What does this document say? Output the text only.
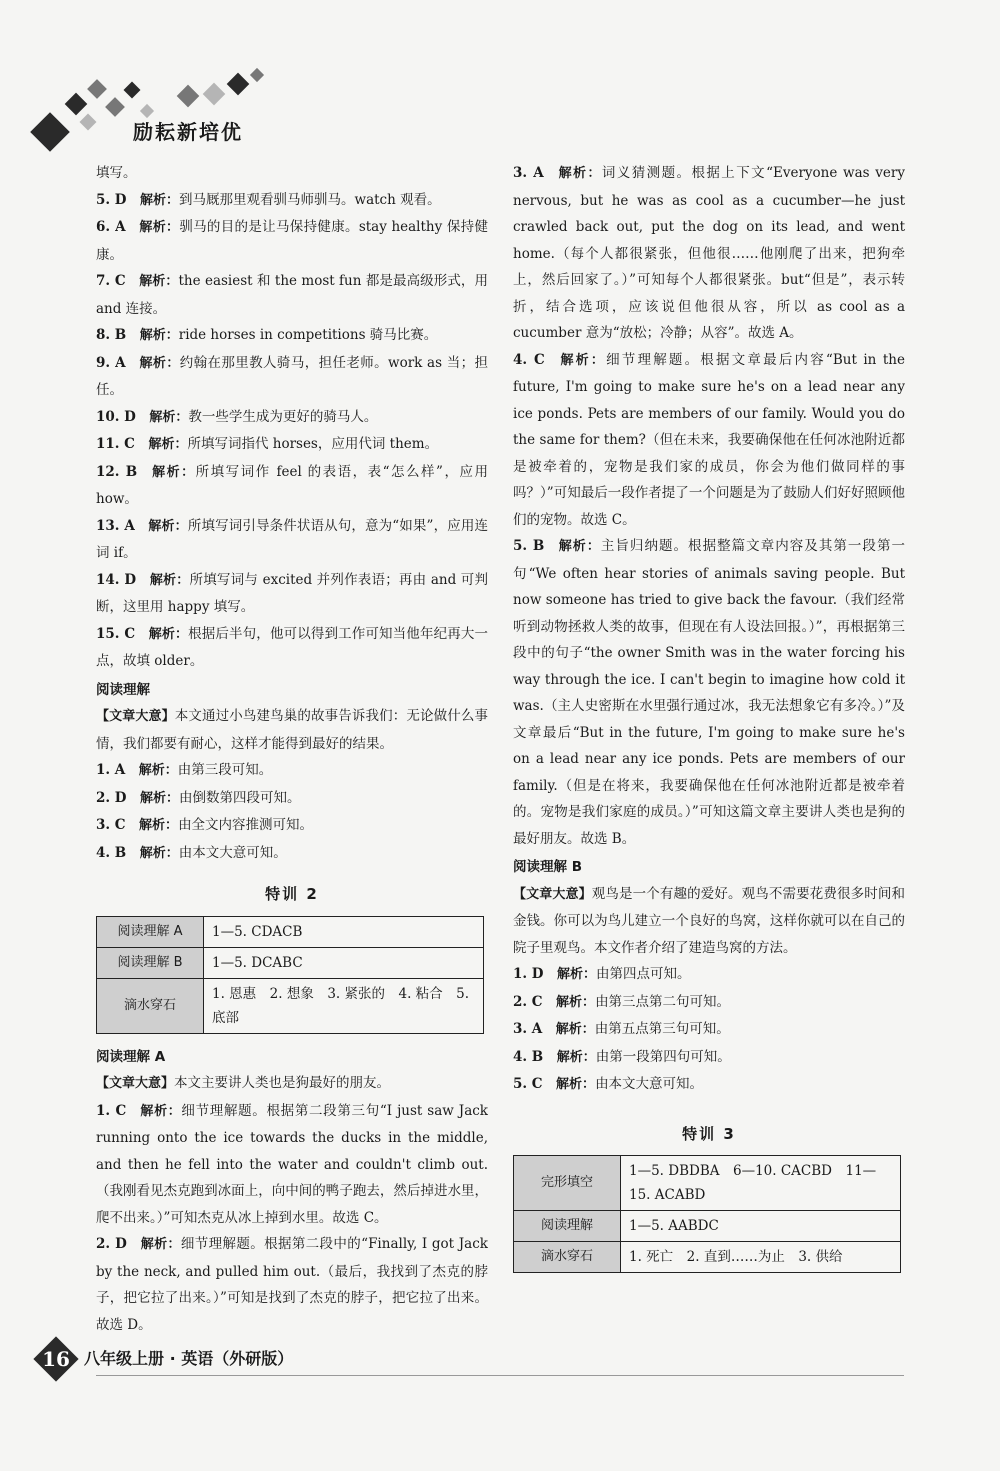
励耘新培优
填写。
5. D  解析：到马厩那里观看驯马师驯马。watch 观看。
6. A  解析：驯马的目的是让马保持健康。stay healthy 保持健康。
7. C  解析：the easiest 和 the most fun 都是最高级形式，用 and 连接。
8. B  解析：ride horses in competitions 骑马比赛。
9. A  解析：约翰在那里教人骑马，担任老师。work as 当；担任。
10. D  解析：教一些学生成为更好的骑马人。
11. C  解析：所填写词指代 horses，应用代词 them。
12. B  解析：所填写词作 feel 的表语，表“怎么样”，应用 how。
13. A  解析：所填写词引导条件状语从句，意为“如果”，应用连词 if。
14. D  解析：所填写词与 excited 并列作表语；再由 and 可判断，这里用 happy 填写。
15. C  解析：根据后半句，他可以得到工作可知当他年纪再大一点，故填 older。
阅读理解
【文章大意】本文通过小鸟建鸟巢的故事告诉我们：无论做什么事情，我们都要有耐心，这样才能得到最好的结果。
1. A  解析：由第三段可知。
2. D  解析：由倒数第四段可知。
3. C  解析：由全文内容推测可知。
4. B  解析：由本文大意可知。
特训 2
阅读理解 A	1—5. CDACB
阅读理解 B	1—5. DCABC
滴水穿石	1. 恩惠　2. 想象　3. 紧张的　4. 粘合　5. 底部
阅读理解 A
【文章大意】本文主要讲人类也是狗最好的朋友。
1. C  解析：细节理解题。根据第二段第三句“I just saw Jack running onto the ice towards the ducks in the middle, and then he fell into the water and couldn't climb out.（我刚看见杰克跑到冰面上，向中间的鸭子跑去，然后掉进水里，爬不出来。）”可知杰克从冰上掉到水里。故选 C。
2. D  解析：细节理解题。根据第二段中的“Finally, I got Jack by the neck, and pulled him out.（最后，我找到了杰克的脖子，把它拉了出来。）”可知是找到了杰克的脖子，把它拉了出来。故选 D。
3. A  解析：词义猜测题。根据上下文“Everyone was very nervous, but he was as cool as a cucumber—he just crawled back out, put the dog on its lead, and went home.（每个人都很紧张，但他很……他刚爬了出来，把狗牵上，然后回家了。）”可知每个人都很紧张。but“但是”，表示转折，结合选项，应该说但他很从容，所以 as cool as a cucumber 意为“放松；冷静；从容”。故选 A。
4. C  解析：细节理解题。根据文章最后内容“But in the future, I'm going to make sure he's on a lead near any ice ponds. Pets are members of our family. Would you do the same for them?（但在未来，我要确保他在任何冰池附近都是被牵着的，宠物是我们家的成员，你会为他们做同样的事吗？）”可知最后一段作者提了一个问题是为了鼓励人们好好照顾他们的宠物。故选 C。
5. B  解析：主旨归纳题。根据整篇文章内容及其第一段第一句“We often hear stories of animals saving people. But now someone has tried to give back the favour.（我们经常听到动物拯救人类的故事，但现在有人设法回报。）”，再根据第三段中的句子“the owner Smith was in the water forcing his way through the ice. I can't begin to imagine how cold it was.（主人史密斯在水里强行通过冰，我无法想象它有多冷。）”及文章最后“But in the future, I'm going to make sure he's on a lead near any ice ponds. Pets are members of our family.（但是在将来，我要确保他在任何冰池附近都是被牵着的。宠物是我们家庭的成员。）”可知这篇文章主要讲人类也是狗的最好朋友。故选 B。
阅读理解 B
【文章大意】观鸟是一个有趣的爱好。观鸟不需要花费很多时间和金钱。你可以为鸟儿建立一个良好的鸟窝，这样你就可以在自己的院子里观鸟。本文作者介绍了建造鸟窝的方法。
1. D  解析：由第四点可知。
2. C  解析：由第三点第二句可知。
3. A  解析：由第五点第三句可知。
4. B  解析：由第一段第四句可知。
5. C  解析：由本文大意可知。
特训 3
完形填空	1—5. DBDBA　6—10. CACBD　11—15. ACABD
阅读理解	1—5. AABDC
滴水穿石	1. 死亡　2. 直到……为止　3. 供给
16 八年级上册 · 英语（外研版）
